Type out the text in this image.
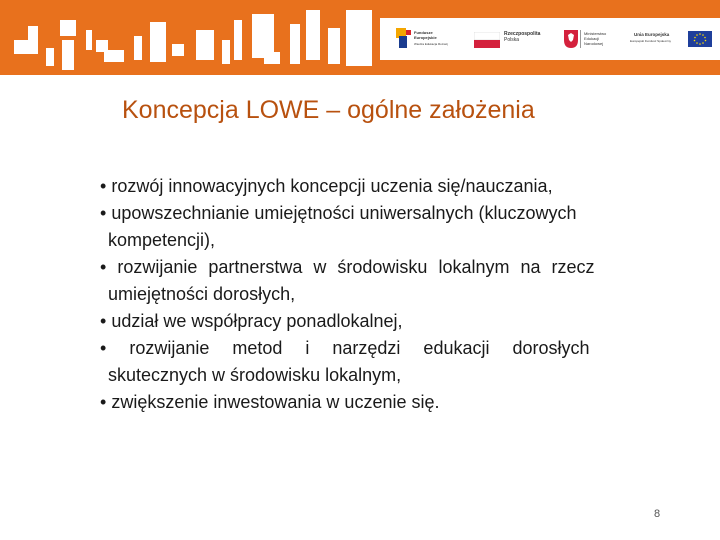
Fundusze
Europejskie
Wiedza Edukacja Rozwój
Rzeczpospolita
Polska
Ministerstwo
Edukacji
Narodowej
Unia Europejska
Europejski Fundusz Społeczny
Koncepcja LOWE – ogólne założenia
• rozwój innowacyjnych koncepcji uczenia się/nauczania,
• upowszechnianie umiejętności uniwersalnych (kluczowych
kompetencji),
• rozwijanie partnerstwa w środowisku lokalnym na rzecz
umiejętności dorosłych,
• udział we współpracy ponadlokalnej,
• rozwijanie metod i narzędzi edukacji dorosłych
skutecznych w środowisku lokalnym,
• zwiększenie inwestowania w uczenie się.
8
